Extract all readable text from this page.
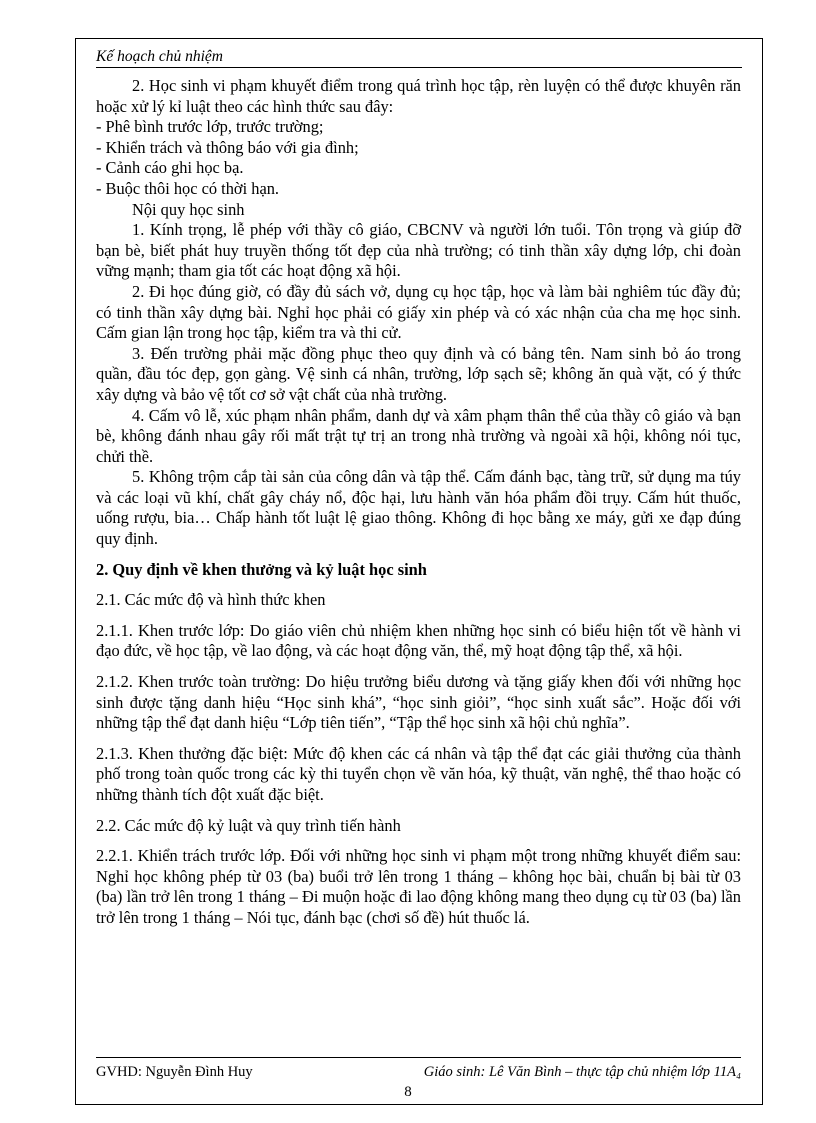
Kế hoạch chủ nhiệm

2. Học sinh vi phạm khuyết điểm trong quá trình học tập, rèn luyện có thể được khuyên răn hoặc xử lý kỉ luật theo các hình thức sau đây:

- Phê bình trước lớp, trước trường;

- Khiển trách và thông báo với gia đình;

- Cảnh cáo ghi học bạ.

- Buộc thôi học có thời hạn.

Nội quy học sinh

1. Kính trọng, lễ phép với thầy cô giáo, CBCNV và người lớn tuổi. Tôn trọng và giúp đỡ bạn bè, biết phát huy truyền thống tốt đẹp của nhà trường; có tinh thần xây dựng lớp, chi đoàn vững mạnh; tham gia tốt các hoạt động xã hội.

2. Đi học đúng giờ, có đầy đủ sách vở, dụng cụ học tập, học và làm bài nghiêm túc đầy đủ; có tinh thần xây dựng bài. Nghỉ học phải có giấy xin phép và có xác nhận của cha mẹ học sinh. Cấm gian lận trong học tập, kiểm tra và thi cử.

3. Đến trường phải mặc đồng phục theo quy định và có bảng tên. Nam sinh bỏ áo trong quần, đầu tóc đẹp, gọn gàng. Vệ sinh cá nhân, trường, lớp sạch sẽ; không ăn quà vặt, có ý thức xây dựng và bảo vệ tốt cơ sở vật chất của nhà trường.

4. Cấm vô lễ, xúc phạm nhân phẩm, danh dự và xâm phạm thân thể của thầy cô giáo và bạn bè, không đánh nhau gây rối mất trật tự trị an trong nhà trường và ngoài xã hội, không nói tục, chửi thề.

5. Không trộm cắp tài sản của công dân và tập thể. Cấm đánh bạc, tàng trữ, sử dụng ma túy và các loại vũ khí, chất gây cháy nổ, độc hại, lưu hành văn hóa phẩm đồi trụy. Cấm hút thuốc, uống rượu, bia… Chấp hành tốt luật lệ giao thông. Không đi học bằng xe máy, gửi xe đạp đúng quy định.

2. Quy định về khen thưởng và kỷ luật học sinh

2.1. Các mức độ và hình thức khen

2.1.1. Khen trước lớp: Do giáo viên chủ nhiệm khen những học sinh có biểu hiện tốt về hành vi đạo đức, về học tập, về lao động, và các hoạt động văn, thể, mỹ hoạt động tập thể, xã hội.

2.1.2. Khen trước toàn trường: Do hiệu trưởng biểu dương và tặng giấy khen đối với những học sinh được tặng danh hiệu “Học sinh khá”, “học sinh giỏi”, “học sinh xuất sắc”. Hoặc đối với những tập thể đạt danh hiệu “Lớp tiên tiến”, “Tập thể học sinh xã hội chủ nghĩa”.

2.1.3. Khen thưởng đặc biệt: Mức độ khen các cá nhân và tập thể đạt các giải thưởng của thành phố trong toàn quốc trong các kỳ thi tuyển chọn về văn hóa, kỹ thuật, văn nghệ, thể thao hoặc có những thành tích đột xuất đặc biệt.

2.2. Các mức độ kỷ luật và quy trình tiến hành

2.2.1. Khiển trách trước lớp. Đối với những học sinh vi phạm một trong những khuyết điểm sau: Nghỉ học không phép từ 03 (ba) buổi trở lên trong 1 tháng – không học bài, chuẩn bị bài từ 03 (ba) lần trở lên trong 1 tháng – Đi muộn hoặc đi lao động không mang theo dụng cụ từ 03 (ba) lần trở lên trong 1 tháng – Nói tục, đánh bạc (chơi số đề) hút thuốc lá.

GVHD: Nguyễn Đình Huy	Giáo sinh: Lê Văn Bình – thực tập chủ nhiệm lớp 11A₄
8
